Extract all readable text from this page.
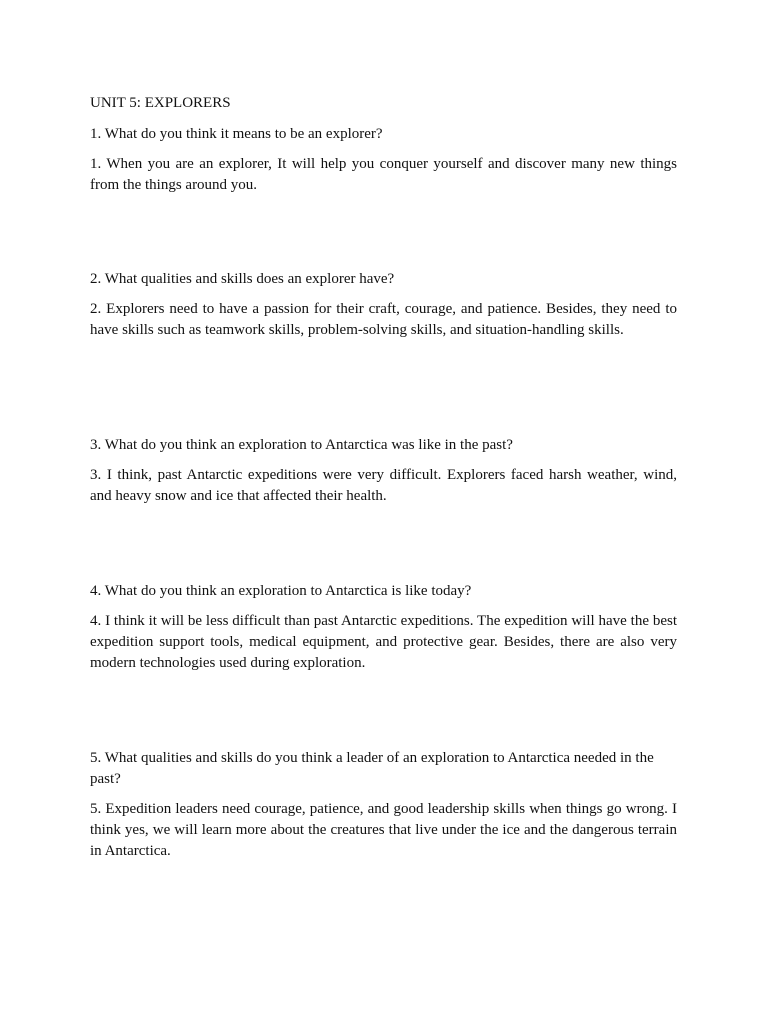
UNIT 5: EXPLORERS

1. What do you think it means to be an explorer?

1. When you are an explorer, It will help you conquer yourself and discover many new things from the things around you.

2. What qualities and skills does an explorer have?

2. Explorers need to have a passion for their craft, courage, and patience. Besides, they need to have skills such as teamwork skills, problem-solving skills, and situation-handling skills.

3. What do you think an exploration to Antarctica was like in the past?

3. I think, past Antarctic expeditions were very difficult. Explorers faced harsh weather, wind, and heavy snow and ice that affected their health.

4. What do you think an exploration to Antarctica is like today?

4. I think it will be less difficult than past Antarctic expeditions. The expedition will have the best expedition support tools, medical equipment, and protective gear. Besides, there are also very modern technologies used during exploration.

5. What qualities and skills do you think a leader of an exploration to Antarctica needed in the past?

5. Expedition leaders need courage, patience, and good leadership skills when things go wrong. I think yes, we will learn more about the creatures that live under the ice and the dangerous terrain in Antarctica.
